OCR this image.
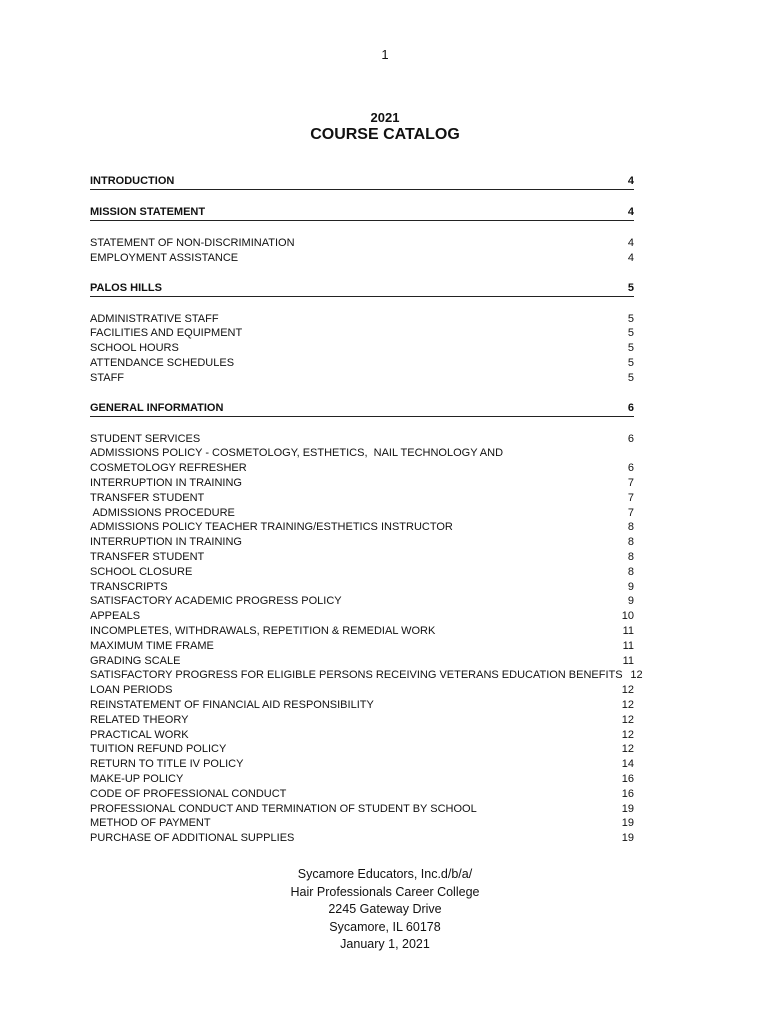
1
2021
COURSE CATALOG
INTRODUCTION	4
MISSION STATEMENT	4
STATEMENT OF NON-DISCRIMINATION	4
EMPLOYMENT ASSISTANCE	4
PALOS HILLS	5
ADMINISTRATIVE STAFF	5
FACILITIES AND EQUIPMENT	5
SCHOOL HOURS	5
ATTENDANCE SCHEDULES	5
STAFF	5
GENERAL INFORMATION	6
STUDENT SERVICES	6
ADMISSIONS POLICY - COSMETOLOGY, ESTHETICS,  NAIL TECHNOLOGY AND
COSMETOLOGY REFRESHER	6
INTERRUPTION IN TRAINING	7
TRANSFER STUDENT	7
ADMISSIONS PROCEDURE	7
ADMISSIONS POLICY TEACHER TRAINING/ESTHETICS INSTRUCTOR	8
INTERRUPTION IN TRAINING	8
TRANSFER STUDENT	8
SCHOOL CLOSURE	8
TRANSCRIPTS	9
SATISFACTORY ACADEMIC PROGRESS POLICY	9
APPEALS	10
INCOMPLETES, WITHDRAWALS, REPETITION & REMEDIAL WORK	11
MAXIMUM TIME FRAME	11
GRADING SCALE	11
SATISFACTORY PROGRESS FOR ELIGIBLE PERSONS RECEIVING VETERANS EDUCATION BENEFITS 12
LOAN PERIODS	12
REINSTATEMENT OF FINANCIAL AID RESPONSIBILITY	12
RELATED THEORY	12
PRACTICAL WORK	12
TUITION REFUND POLICY	12
RETURN TO TITLE IV POLICY	14
MAKE-UP POLICY	16
CODE OF PROFESSIONAL CONDUCT	16
PROFESSIONAL CONDUCT AND TERMINATION OF STUDENT BY SCHOOL	19
METHOD OF PAYMENT	19
PURCHASE OF ADDITIONAL SUPPLIES	19
Sycamore Educators, Inc.d/b/a/
Hair Professionals Career College
2245 Gateway Drive
Sycamore, IL 60178
January 1, 2021
